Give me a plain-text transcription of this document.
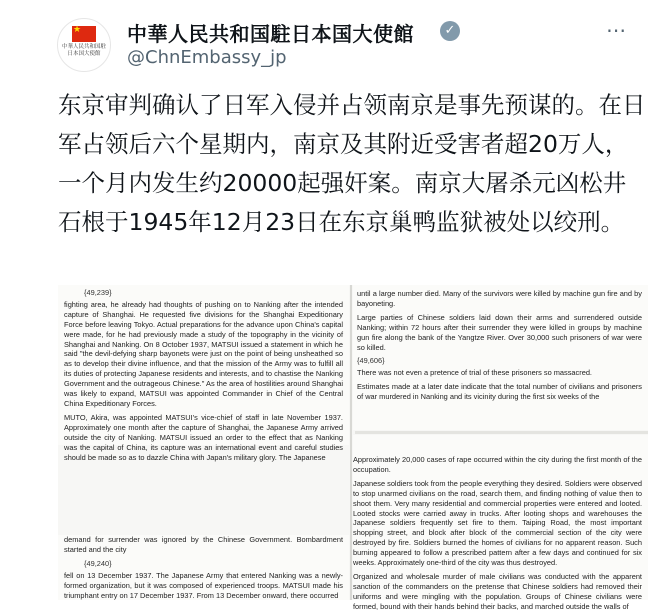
★
中華人民共和国駐日本国大使館
中華人民共和国駐日本国大使館	✓
@ChnEmbassy_jp
⋯
东京审判确认了日军入侵并占领南京是事先预谋的。在日军占领后六个星期内，南京及其附近受害者超20万人，一个月内发生约20000起强奸案。南京大屠杀元凶松井石根于1945年12月23日在东京巢鸭监狱被处以绞刑。

{49,239}

fighting area, he already had thoughts of pushing on to Nanking after the intended capture of Shanghai. He requested five divisions for the Shanghai Expeditionary Force before leaving Tokyo. Actual preparations for the advance upon China's capital were made, for he had previously made a study of the topography in the vicinity of Shanghai and Nanking. On 8 October 1937, MATSUI issued a statement in which he said "the devil-defying sharp bayonets were just on the point of being unsheathed so as to develop their divine influence, and that the mission of the Army was to fulfill all its duties of protecting Japanese residents and interests, and to chastise the Nanking Government and the outrageous Chinese." As the area of hostilities around Shanghai was likely to expand, MATSUI was appointed Commander in Chief of the Central China Expeditionary Forces.

MUTO, Akira, was appointed MATSUI's vice-chief of staff in late November 1937. Approximately one month after the capture of Shanghai, the Japanese Army arrived outside the city of Nanking. MATSUI issued an order to the effect that as Nanking was the capital of China, its capture was an international event and careful studies should be made so as to dazzle China with Japan's military glory. The Japanese

until a large number died. Many of the survivors were killed by machine gun fire and by bayoneting.

Large parties of Chinese soldiers laid down their arms and surrendered outside Nanking; within 72 hours after their surrender they were killed in groups by machine gun fire along the bank of the Yangtze River. Over 30,000 such prisoners of war were so killed.

{49,606}

There was not even a pretence of trial of these prisoners so massacred.

Estimates made at a later date indicate that the total number of civilians and prisoners of war murdered in Nanking and its vicinity during the first six weeks of the

Approximately 20,000 cases of rape occurred within the city during the first month of the occupation.

Japanese soldiers took from the people everything they desired. Soldiers were observed to stop unarmed civilians on the road, search them, and finding nothing of value then to shoot them. Very many residential and commercial properties were entered and looted. Looted stocks were carried away in trucks. After looting shops and warehouses the Japanese soldiers frequently set fire to them. Taiping Road, the most important shopping street, and block after block of the commercial section of the city were destroyed by fire. Soldiers burned the homes of civilians for no apparent reason. Such burning appeared to follow a prescribed pattern after a few days and continued for six weeks. Approximately one-third of the city was thus destroyed.

Organized and wholesale murder of male civilians was conducted with the apparent sanction of the commanders on the pretense that Chinese soldiers had removed their uniforms and were mingling with the population. Groups of Chinese civilians were formed, bound with their hands behind their backs, and marched outside the walls of

demand for surrender was ignored by the Chinese Government. Bombardment started and the city

{49,240}

fell on 13 December 1937. The Japanese Army that entered Nanking was a newly-formed organization, but it was composed of experienced troops. MATSUI made his triumphant entry on 17 December 1937. From 13 December onward, there occurred
